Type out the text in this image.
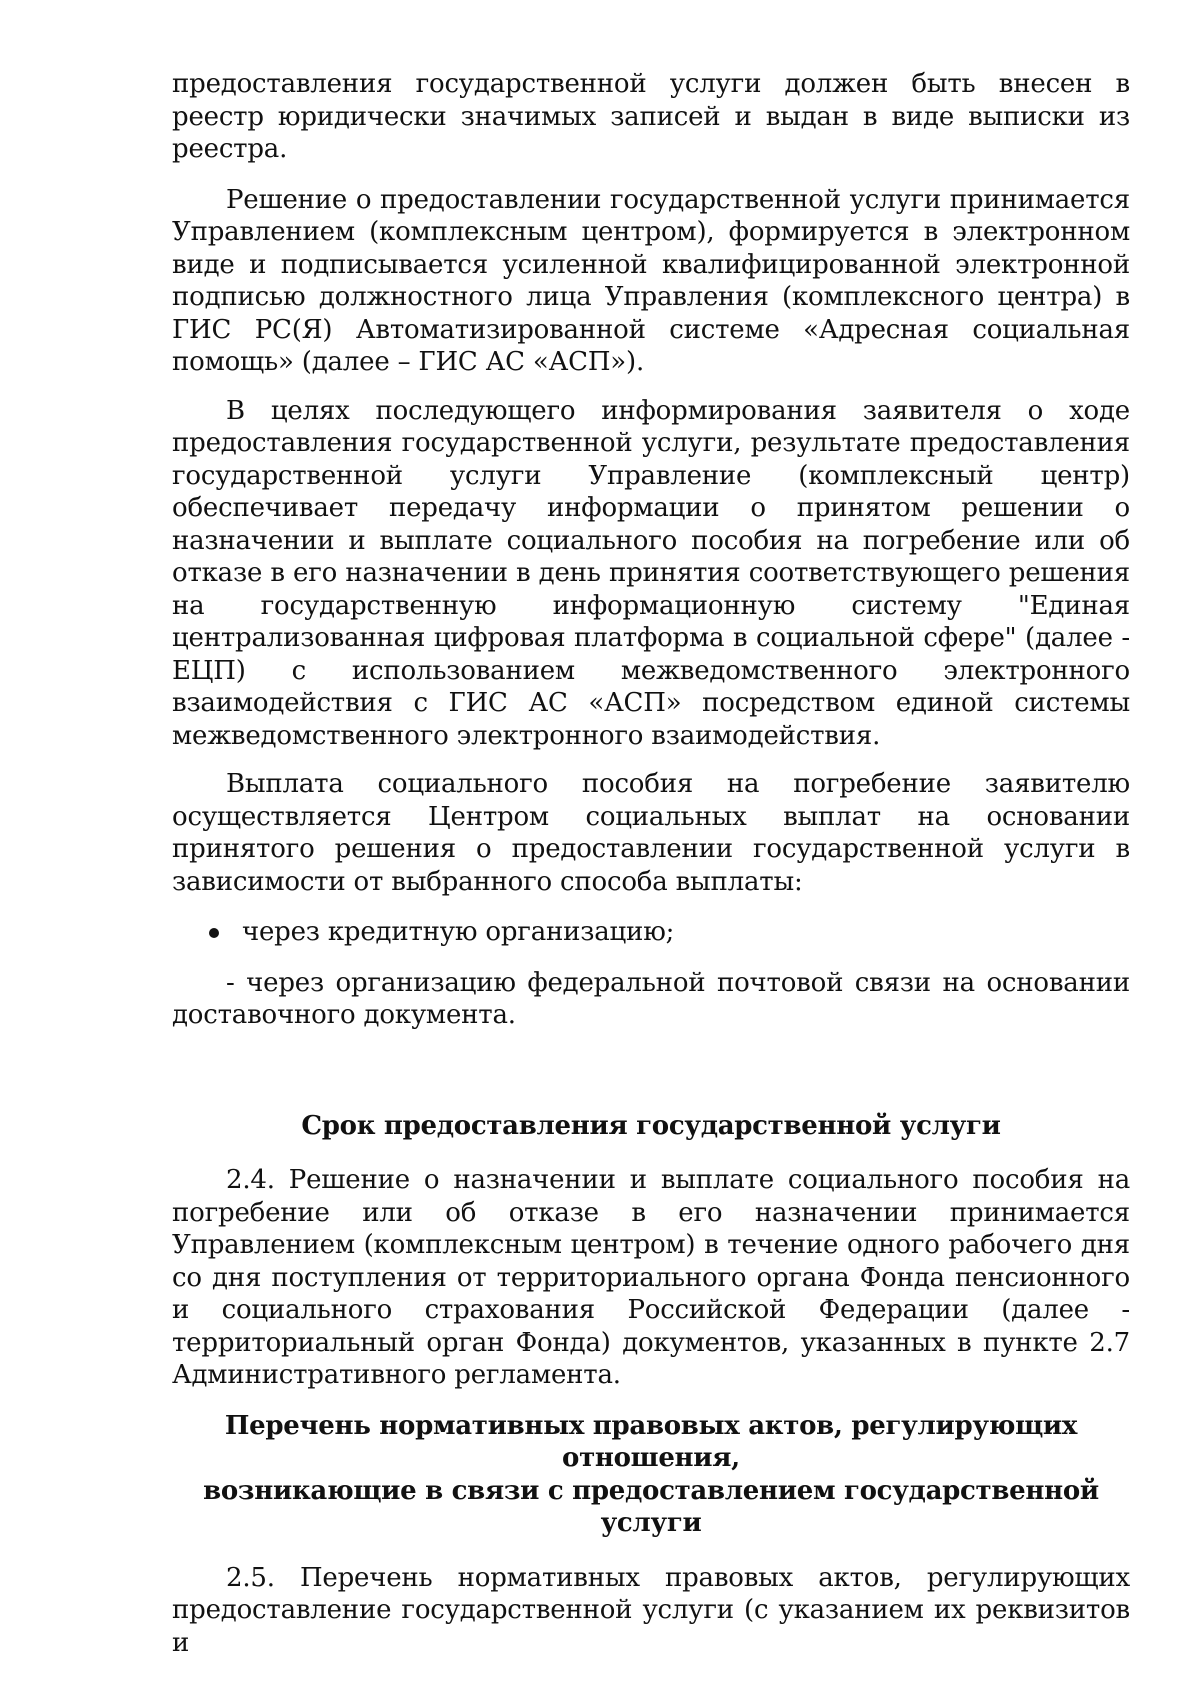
предоставления государственной услуги должен быть внесен в реестр юридически значимых записей и выдан в виде выписки из реестра.

Решение о предоставлении государственной услуги принимается Управлением (комплексным центром), формируется в электронном виде и подписывается усиленной квалифицированной электронной подписью должностного лица Управления (комплексного центра) в ГИС РС(Я) Автоматизированной системе «Адресная социальная помощь» (далее – ГИС АС «АСП»).

В целях последующего информирования заявителя о ходе предоставления государственной услуги, результате предоставления государственной услуги Управление (комплексный центр) обеспечивает передачу информации о принятом решении о назначении и выплате социального пособия на погребение или об отказе в его назначении в день принятия соответствующего решения на государственную информационную систему "Единая централизованная цифровая платформа в социальной сфере" (далее - ЕЦП) с использованием межведомственного электронного взаимодействия с ГИС АС «АСП» посредством единой системы межведомственного электронного взаимодействия.

Выплата социального пособия на погребение заявителю осуществляется Центром социальных выплат на основании принятого решения о предоставлении государственной услуги в зависимости от выбранного способа выплаты:

через кредитную организацию;

- через организацию федеральной почтовой связи на основании доставочного документа.

Срок предоставления государственной услуги

2.4. Решение о назначении и выплате социального пособия на погребение или об отказе в его назначении принимается Управлением (комплексным центром) в течение одного рабочего дня со дня поступления от территориального органа Фонда пенсионного и социального страхования Российской Федерации (далее - территориальный орган Фонда) документов, указанных в пункте 2.7 Административного регламента.

Перечень нормативных правовых актов, регулирующих отношения,
возникающие в связи с предоставлением государственной услуги

2.5. Перечень нормативных правовых актов, регулирующих предоставление государственной услуги (с указанием их реквизитов и
